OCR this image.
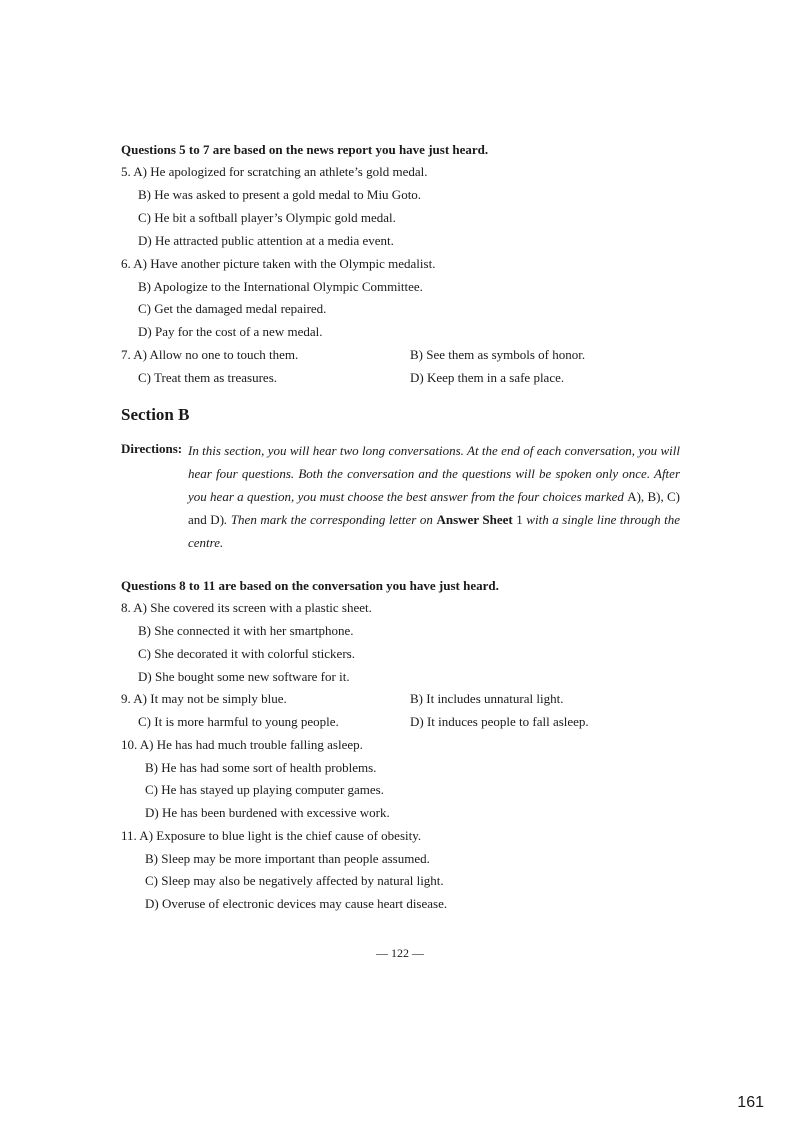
Questions 5 to 7 are based on the news report you have just heard.
5. A) He apologized for scratching an athlete’s gold medal.
B) He was asked to present a gold medal to Miu Goto.
C) He bit a softball player’s Olympic gold medal.
D) He attracted public attention at a media event.
6. A) Have another picture taken with the Olympic medalist.
B) Apologize to the International Olympic Committee.
C) Get the damaged medal repaired.
D) Pay for the cost of a new medal.
7. A) Allow no one to touch them.	B) See them as symbols of honor.
C) Treat them as treasures.	D) Keep them in a safe place.
Section B
Directions: In this section, you will hear two long conversations. At the end of each conversation, you will hear four questions. Both the conversation and the questions will be spoken only once. After you hear a question, you must choose the best answer from the four choices marked A), B), C) and D). Then mark the corresponding letter on Answer Sheet 1 with a single line through the centre.
Questions 8 to 11 are based on the conversation you have just heard.
8. A) She covered its screen with a plastic sheet.
B) She connected it with her smartphone.
C) She decorated it with colorful stickers.
D) She bought some new software for it.
9. A) It may not be simply blue.	B) It includes unnatural light.
C) It is more harmful to young people.	D) It induces people to fall asleep.
10. A) He has had much trouble falling asleep.
B) He has had some sort of health problems.
C) He has stayed up playing computer games.
D) He has been burdened with excessive work.
11. A) Exposure to blue light is the chief cause of obesity.
B) Sleep may be more important than people assumed.
C) Sleep may also be negatively affected by natural light.
D) Overuse of electronic devices may cause heart disease.
— 122 —
161
